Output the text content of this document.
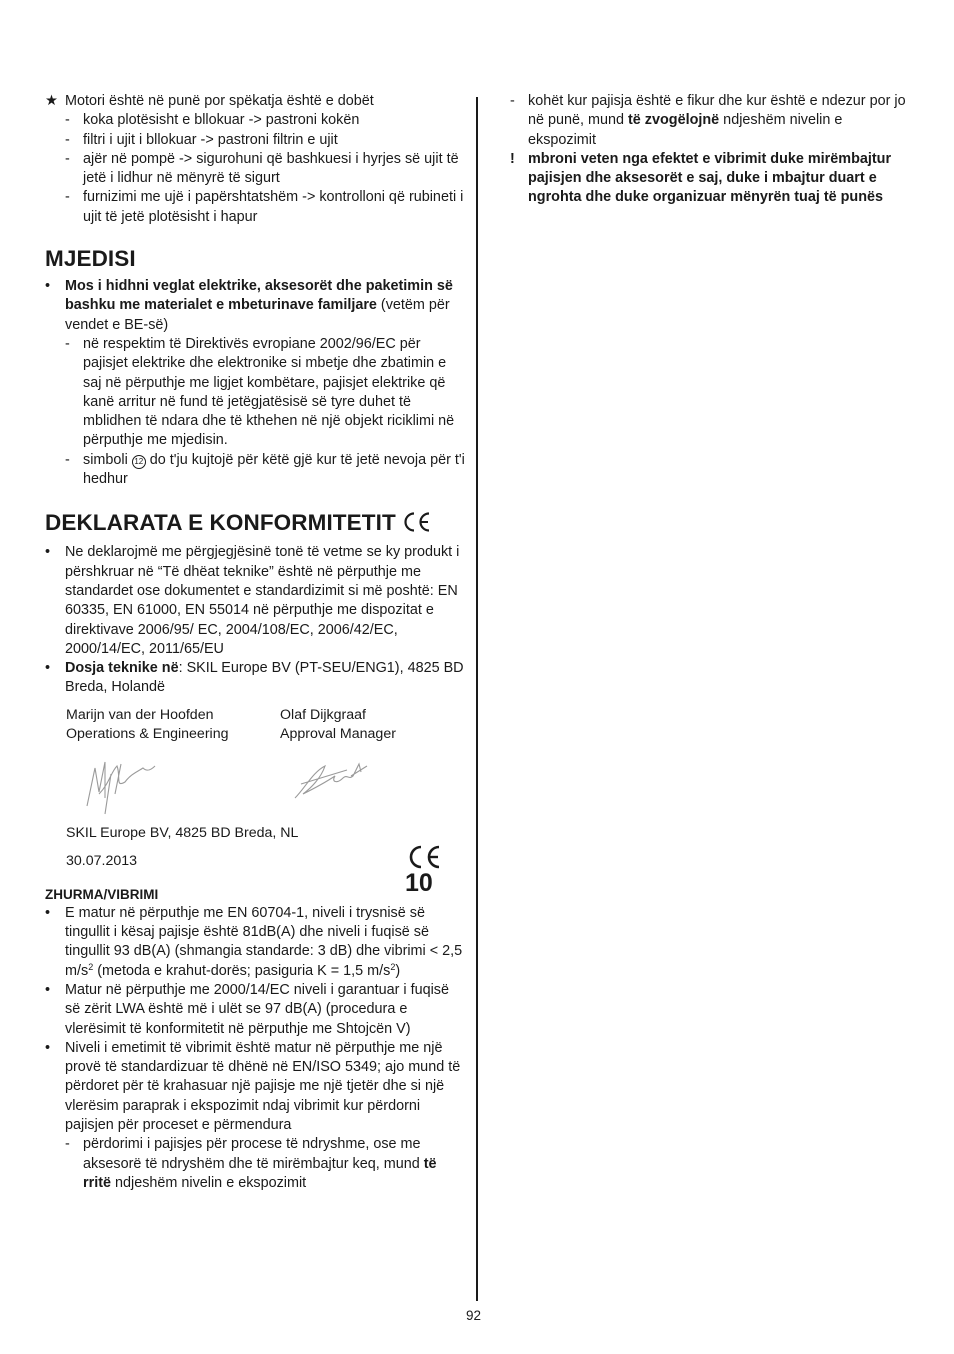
★ Motori është në punë por spëkatja është e dobët
- koka plotësisht e bllokuar -> pastroni kokën
- filtri i ujit i bllokuar -> pastroni filtrin e ujit
- ajër në pompë -> sigurohuni që bashkuesi i hyrjes së ujit të jetë i lidhur në mënyrë të sigurt
- furnizimi me ujë i papërshtatshëm -> kontrolloni që rubineti i ujit të jetë plotësisht i hapur
MJEDISI
• Mos i hidhni veglat elektrike, aksesorët dhe paketimin së bashku me materialet e mbeturinave familjare (vetëm për vendet e BE-së)
- në respektim të Direktivës evropiane 2002/96/EC për pajisjet elektrike dhe elektronike si mbetje dhe zbatimin e saj në përputhje me ligjet kombëtare, pajisjet elektrike që kanë arritur në fund të jetëgjatësisë së tyre duhet të mblidhen të ndara dhe të kthehen në një objekt riciklimi në përputhje me mjedisin.
- simboli 12 do t'ju kujtojë për këtë gjë kur të jetë nevoja për t'i hedhur
DEKLARATA E KONFORMITETIT
• Ne deklarojmë me përgjegjësinë tonë të vetme se ky produkt i përshkruar në “Të dhëat teknike” është në përputhje me standardet ose dokumentet e standardizimit si më poshtë: EN 60335, EN 61000, EN 55014 në përputhje me dispozitat e direktivave 2006/95/ EC, 2004/108/EC, 2006/42/EC, 2000/14/EC, 2011/65/EU
• Dosja teknike në: SKIL Europe BV (PT-SEU/ENG1), 4825 BD Breda, Holandë
Marijn van der Hoofden
Operations & Engineering
Olaf Dijkgraaf
Approval Manager
SKIL Europe BV, 4825 BD Breda, NL
30.07.2013
10
ZHURMA/VIBRIMI
• E matur në përputhje me EN 60704-1, niveli i trysnisë së tingullit i kësaj pajisje është 81dB(A) dhe niveli i fuqisë së tingullit 93 dB(A) (shmangia standarde: 3 dB) dhe vibrimi < 2,5 $m/s^2$ (metoda e krahut-dorës; pasiguria K = 1,5 $m/s^2$)
• Matur në përputhje me 2000/14/EC niveli i garantuar i fuqisë së zërit LWA është më i ulët se 97 dB(A) (procedura e vlerësimit të konformitetit në përputhje me Shtojcën V)
• Niveli i emetimit të vibrimit është matur në përputhje me një provë të standardizuar të dhënë në EN/ISO 5349; ajo mund të përdoret për të krahasuar një pajisje me një tjetër dhe si një vlerësim paraprak i ekspozimit ndaj vibrimit kur përdorni pajisjen për proceset e përmendura
- përdorimi i pajisjes për procese të ndryshme, ose me aksesorë të ndryshëm dhe të mirëmbajtur keq, mund të rritë ndjeshëm nivelin e ekspozimit
- kohët kur pajisja është e fikur dhe kur është e ndezur por jo në punë, mund të zvogëlojnë ndjeshëm nivelin e ekspozimit
! mbroni veten nga efektet e vibrimit duke mirëmbajtur pajisjen dhe aksesorët e saj, duke i mbajtur duart e ngrohta dhe duke organizuar mënyrën tuaj të punës
92
